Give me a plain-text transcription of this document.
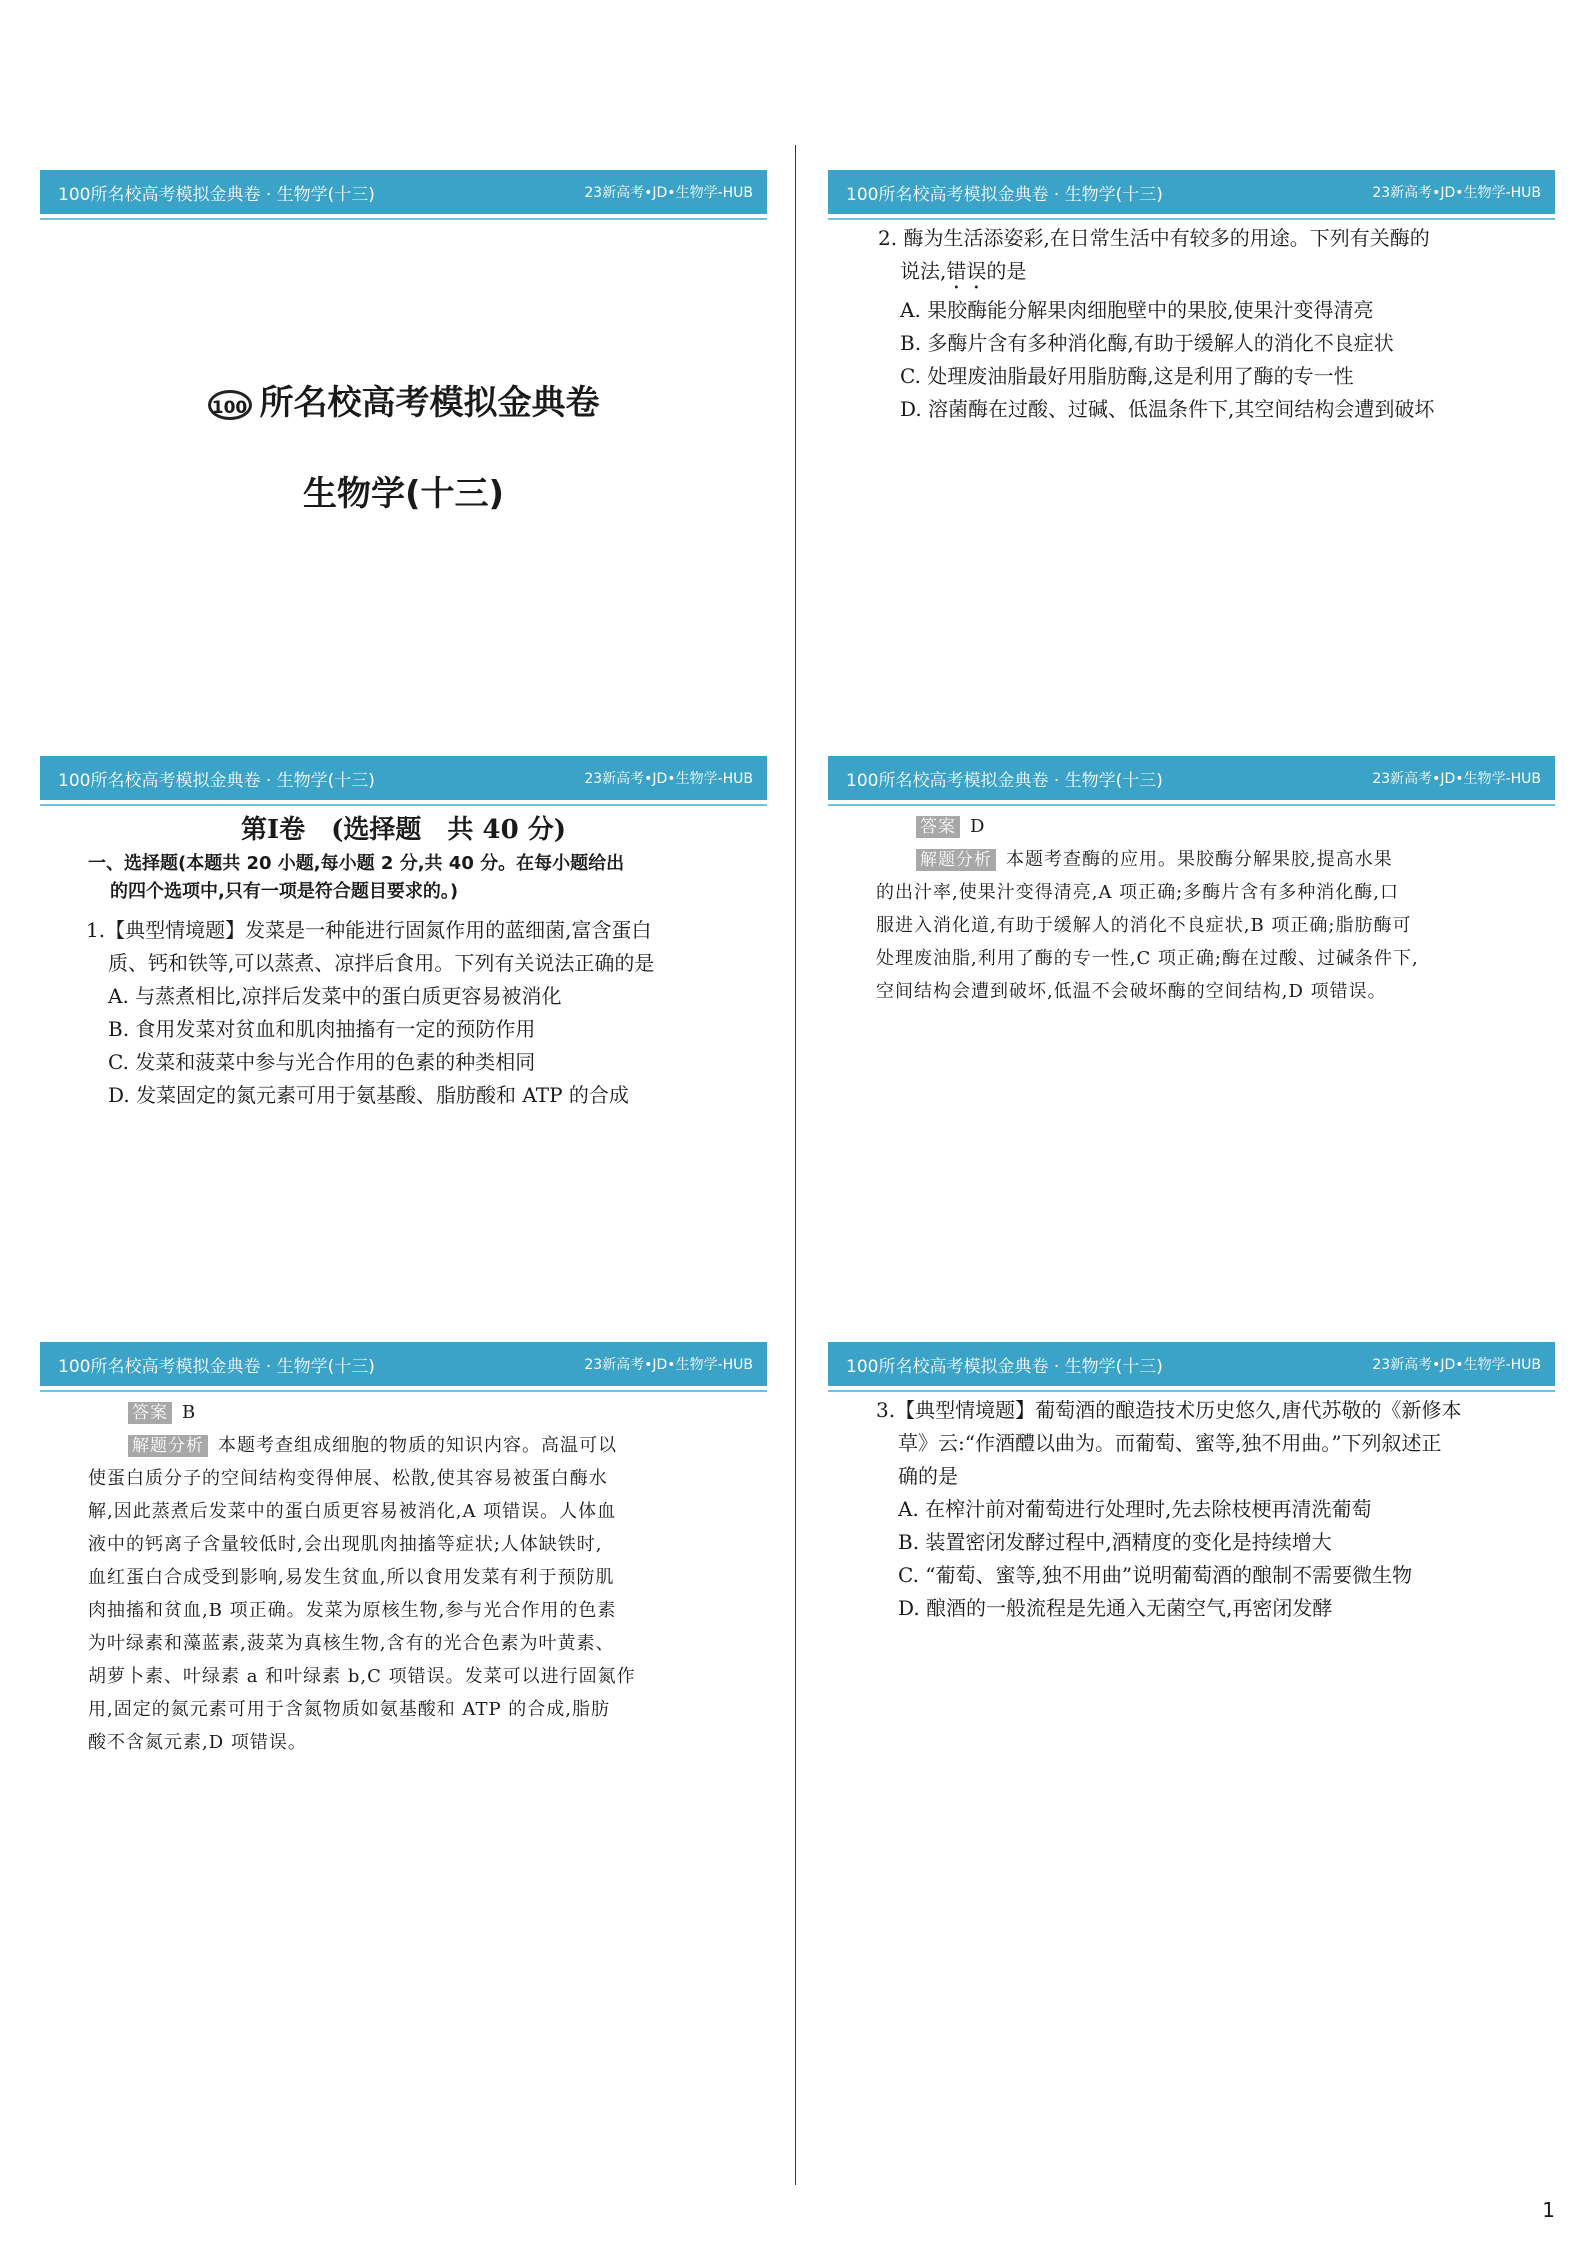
100所名校高考模拟金典卷 · 生物学(十三)	23新高考•JD•生物学-HUB
100 所名校高考模拟金典卷
生物学(十三)
100所名校高考模拟金典卷 · 生物学(十三)	23新高考•JD•生物学-HUB

2. 酶为生活添姿彩,在日常生活中有较多的用途。下列有关酶的

说法,错误的是

A. 果胶酶能分解果肉细胞壁中的果胶,使果汁变得清亮

B. 多酶片含有多种消化酶,有助于缓解人的消化不良症状

C. 处理废油脂最好用脂肪酶,这是利用了酶的专一性

D. 溶菌酶在过酸、过碱、低温条件下,其空间结构会遭到破坏

100所名校高考模拟金典卷 · 生物学(十三)	23新高考•JD•生物学-HUB
第Ⅰ卷　(选择题　共 40 分)
一、选择题(本题共 20 小题,每小题 2 分,共 40 分。在每小题给出
的四个选项中,只有一项是符合题目要求的。)

1.【典型情境题】发菜是一种能进行固氮作用的蓝细菌,富含蛋白

质、钙和铁等,可以蒸煮、凉拌后食用。下列有关说法正确的是

A. 与蒸煮相比,凉拌后发菜中的蛋白质更容易被消化

B. 食用发菜对贫血和肌肉抽搐有一定的预防作用

C. 发菜和菠菜中参与光合作用的色素的种类相同

D. 发菜固定的氮元素可用于氨基酸、脂肪酸和 ATP 的合成

100所名校高考模拟金典卷 · 生物学(十三)	23新高考•JD•生物学-HUB

答案 D

解题分析 本题考查酶的应用。果胶酶分解果胶,提高水果

的出汁率,使果汁变得清亮,A 项正确;多酶片含有多种消化酶,口

服进入消化道,有助于缓解人的消化不良症状,B 项正确;脂肪酶可

处理废油脂,利用了酶的专一性,C 项正确;酶在过酸、过碱条件下,

空间结构会遭到破坏,低温不会破坏酶的空间结构,D 项错误。

100所名校高考模拟金典卷 · 生物学(十三)	23新高考•JD•生物学-HUB

答案 B

解题分析 本题考查组成细胞的物质的知识内容。高温可以

使蛋白质分子的空间结构变得伸展、松散,使其容易被蛋白酶水

解,因此蒸煮后发菜中的蛋白质更容易被消化,A 项错误。人体血

液中的钙离子含量较低时,会出现肌肉抽搐等症状;人体缺铁时,

血红蛋白合成受到影响,易发生贫血,所以食用发菜有利于预防肌

肉抽搐和贫血,B 项正确。发菜为原核生物,参与光合作用的色素

为叶绿素和藻蓝素,菠菜为真核生物,含有的光合色素为叶黄素、

胡萝卜素、叶绿素 a 和叶绿素 b,C 项错误。发菜可以进行固氮作

用,固定的氮元素可用于含氮物质如氨基酸和 ATP 的合成,脂肪

酸不含氮元素,D 项错误。

100所名校高考模拟金典卷 · 生物学(十三)	23新高考•JD•生物学-HUB

3.【典型情境题】葡萄酒的酿造技术历史悠久,唐代苏敬的《新修本

草》云:“作酒醴以曲为。而葡萄、蜜等,独不用曲。”下列叙述正

确的是

A. 在榨汁前对葡萄进行处理时,先去除枝梗再清洗葡萄

B. 装置密闭发酵过程中,酒精度的变化是持续增大

C. “葡萄、蜜等,独不用曲”说明葡萄酒的酿制不需要微生物

D. 酿酒的一般流程是先通入无菌空气,再密闭发酵

1
